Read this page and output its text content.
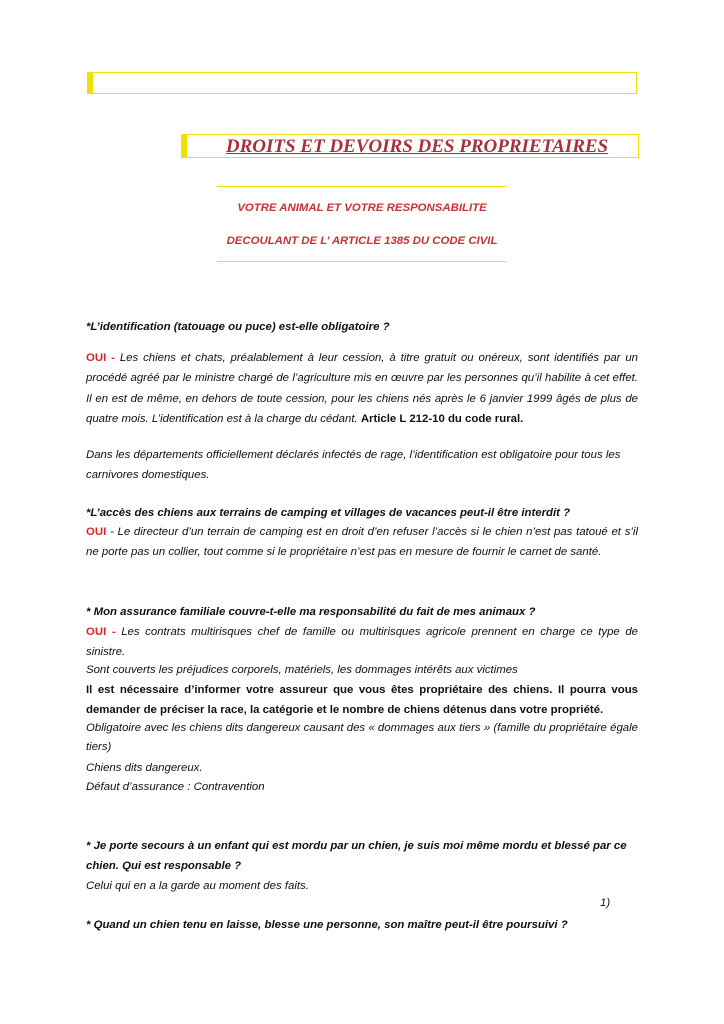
DROITS ET DEVOIRS DES PROPRIETAIRES
VOTRE ANIMAL ET VOTRE RESPONSABILITE
DECOULANT DE L’ ARTICLE 1385 DU CODE CIVIL
*L’identification (tatouage ou puce) est-elle obligatoire ?
OUI - Les chiens et chats, préalablement à leur cession, à titre gratuit ou onéreux, sont identifiés par un procédé agréé par le ministre chargé de l’agriculture mis en œuvre par les personnes qu’il habilite à cet effet. Il en est de même, en dehors de toute cession, pour les chiens nés après le 6 janvier 1999 âgés de plus de quatre mois. L’identification est à la charge du cédant. Article L 212-10 du code rural.
Dans les départements officiellement déclarés infectés de rage, l’identification est obligatoire pour tous les carnivores domestiques.
*L’accès des chiens aux terrains de camping et villages de vacances peut-il être interdit ?
OUI - Le directeur d’un terrain de camping est en droit d’en refuser l’accès si le chien n’est pas tatoué et s’il ne porte pas un collier, tout comme si le propriétaire n’est pas en mesure de fournir le carnet de santé.
* Mon assurance familiale couvre-t-elle ma responsabilité du fait de mes animaux ?
OUI - Les contrats multirisques chef de famille ou multirisques agricole prennent en charge ce type de sinistre.
Sont couverts les préjudices corporels, matériels, les dommages intérêts aux victimes
Il est nécessaire d’informer votre assureur que vous êtes propriétaire des chiens. Il pourra vous demander de préciser la race, la catégorie et le nombre de chiens détenus dans votre propriété.
Obligatoire avec les chiens dits dangereux causant des « dommages aux tiers » (famille du propriétaire égale tiers)
Chiens dits dangereux.
Défaut d’assurance : Contravention
* Je porte secours à un enfant qui est mordu par un chien, je suis moi même mordu et blessé par ce chien. Qui est responsable ?
Celui qui en a la garde au moment des faits.
1)
* Quand un chien tenu en laisse, blesse une personne, son maître peut-il être poursuivi ?
